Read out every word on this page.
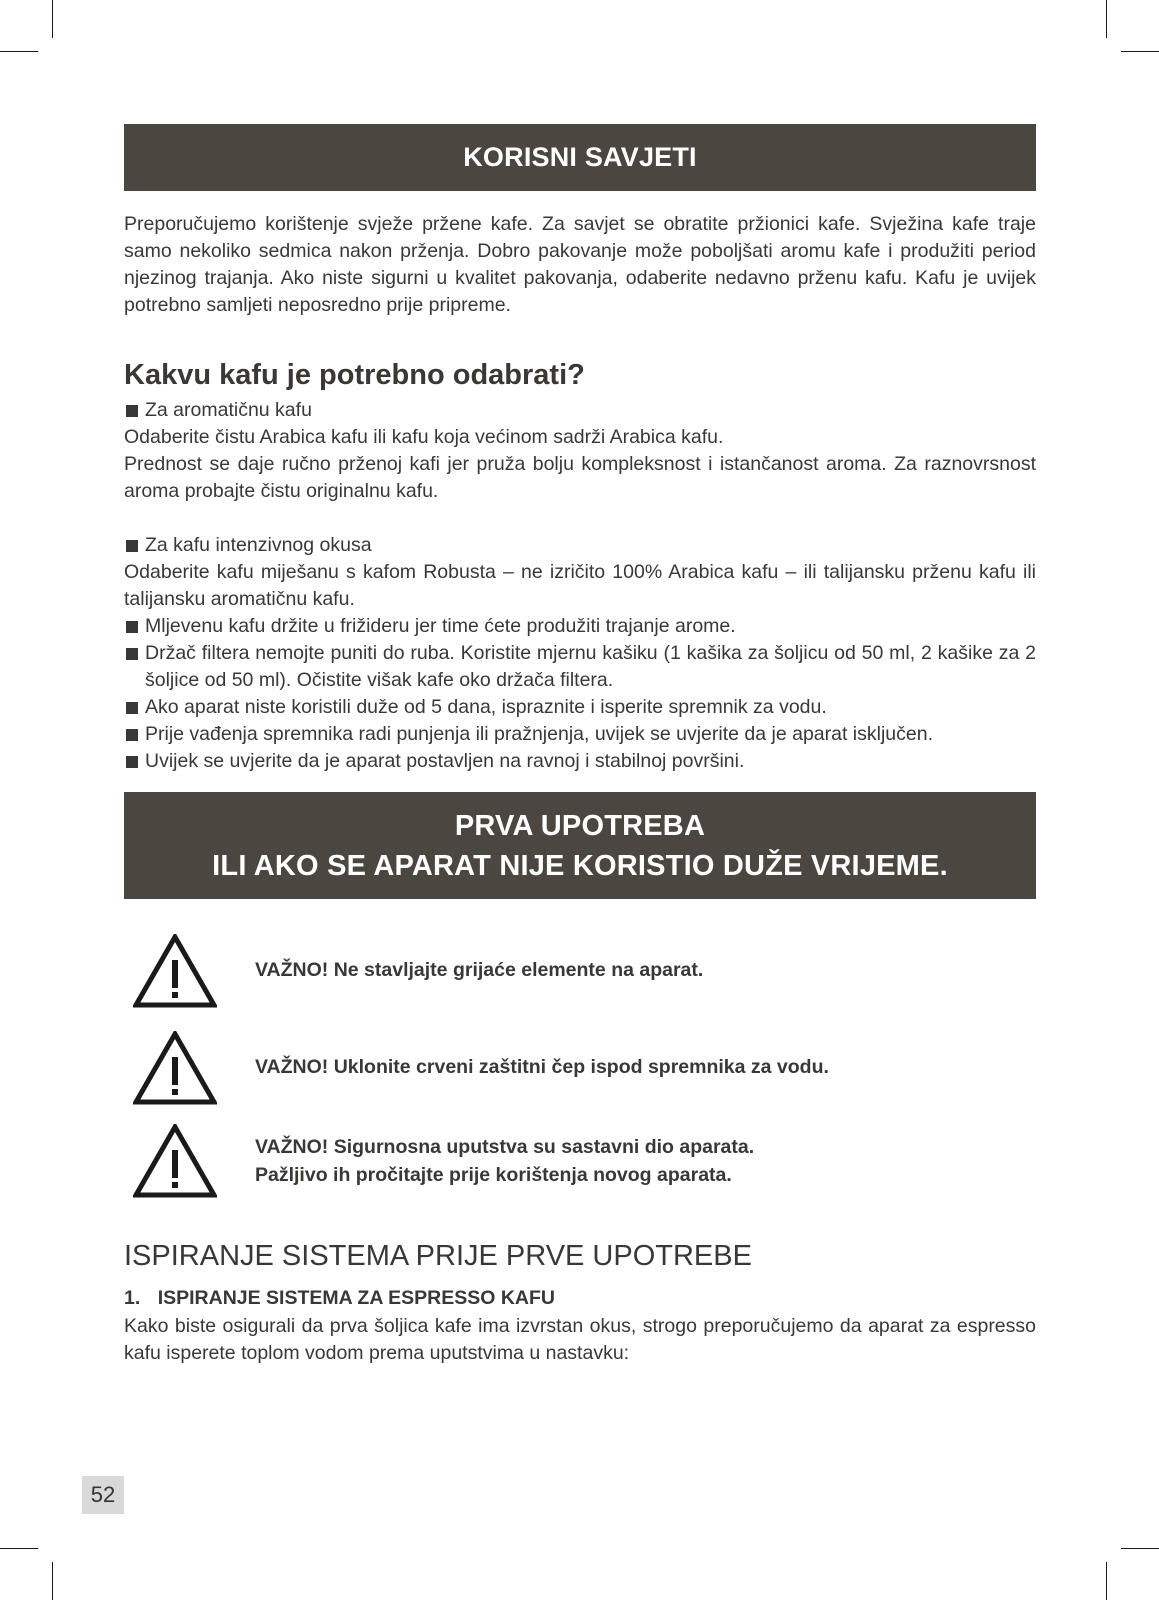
KORISNI SAVJETI
Preporučujemo korištenje svježe pržene kafe. Za savjet se obratite pržionici kafe. Svježina kafe traje samo nekoliko sedmica nakon prženja. Dobro pakovanje može poboljšati aromu kafe i produžiti period njezinog trajanja. Ako niste sigurni u kvalitet pakovanja, odaberite nedavno prženu kafu. Kafu je uvijek potrebno samljeti neposredno prije pripreme.
Kakvu kafu je potrebno odabrati?
Za aromatičnu kafu
Odaberite čistu Arabica kafu ili kafu koja većinom sadrži Arabica kafu.
Prednost se daje ručno prženoj kafi jer pruža bolju kompleksnost i istančanost aroma. Za raznovrsnost aroma probajte čistu originalnu kafu.
Za kafu intenzivnog okusa
Odaberite kafu miješanu s kafom Robusta – ne izričito 100% Arabica kafu – ili talijansku prženu kafu ili talijansku aromatičnu kafu.
Mljevenu kafu držite u frižideru jer time ćete produžiti trajanje arome.
Držač filtera nemojte puniti do ruba. Koristite mjernu kašiku (1 kašika za šoljicu od 50 ml, 2 kašike za 2 šoljice od 50 ml). Očistite višak kafe oko držača filtera.
Ako aparat niste koristili duže od 5 dana, ispraznite i isperite spremnik za vodu.
Prije vađenja spremnika radi punjenja ili pražnjenja, uvijek se uvjerite da je aparat isključen.
Uvijek se uvjerite da je aparat postavljen na ravnoj i stabilnoj površini.
PRVA UPOTREBA
ILI AKO SE APARAT NIJE KORISTIO DUŽE VRIJEME.
VAŽNO! Ne stavljajte grijaće elemente na aparat.
VAŽNO! Uklonite crveni zaštitni čep ispod spremnika za vodu.
VAŽNO! Sigurnosna uputstva su sastavni dio aparata.
Pažljivo ih pročitajte prije korištenja novog aparata.
ISPIRANJE SISTEMA PRIJE PRVE UPOTREBE
1. ISPIRANJE SISTEMA ZA ESPRESSO KAFU
Kako biste osigurali da prva šoljica kafe ima izvrstan okus, strogo preporučujemo da aparat za espresso kafu isperete toplom vodom prema uputstvima u nastavku:
52
